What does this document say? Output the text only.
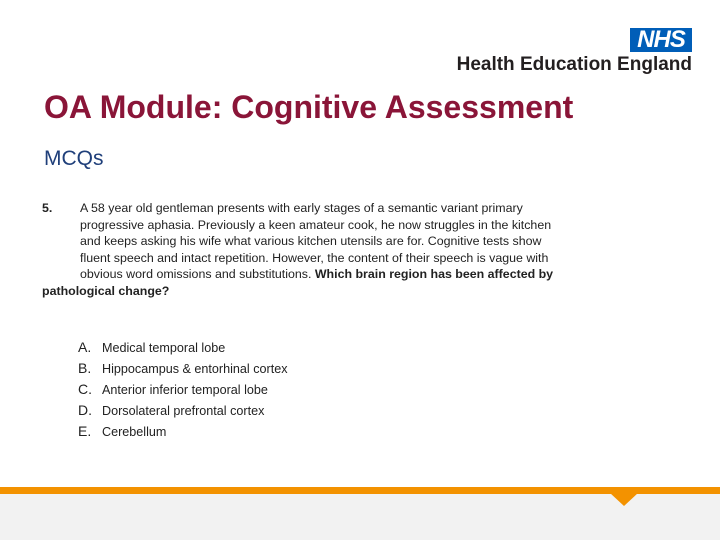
NHS
Health Education England
OA Module: Cognitive Assessment
MCQs
5. A 58 year old gentleman presents with early stages of a semantic variant primary
progressive aphasia. Previously a keen amateur cook, he now struggles in the kitchen
and keeps asking his wife what various kitchen utensils are for. Cognitive tests show
fluent speech and intact repetition. However, the content of their speech is vague with
obvious word omissions and substitutions. Which brain region has been affected by
pathological change?

A. Medical temporal lobe
B. Hippocampus & entorhinal cortex
C. Anterior inferior temporal lobe
D. Dorsolateral prefrontal cortex
E. Cerebellum
